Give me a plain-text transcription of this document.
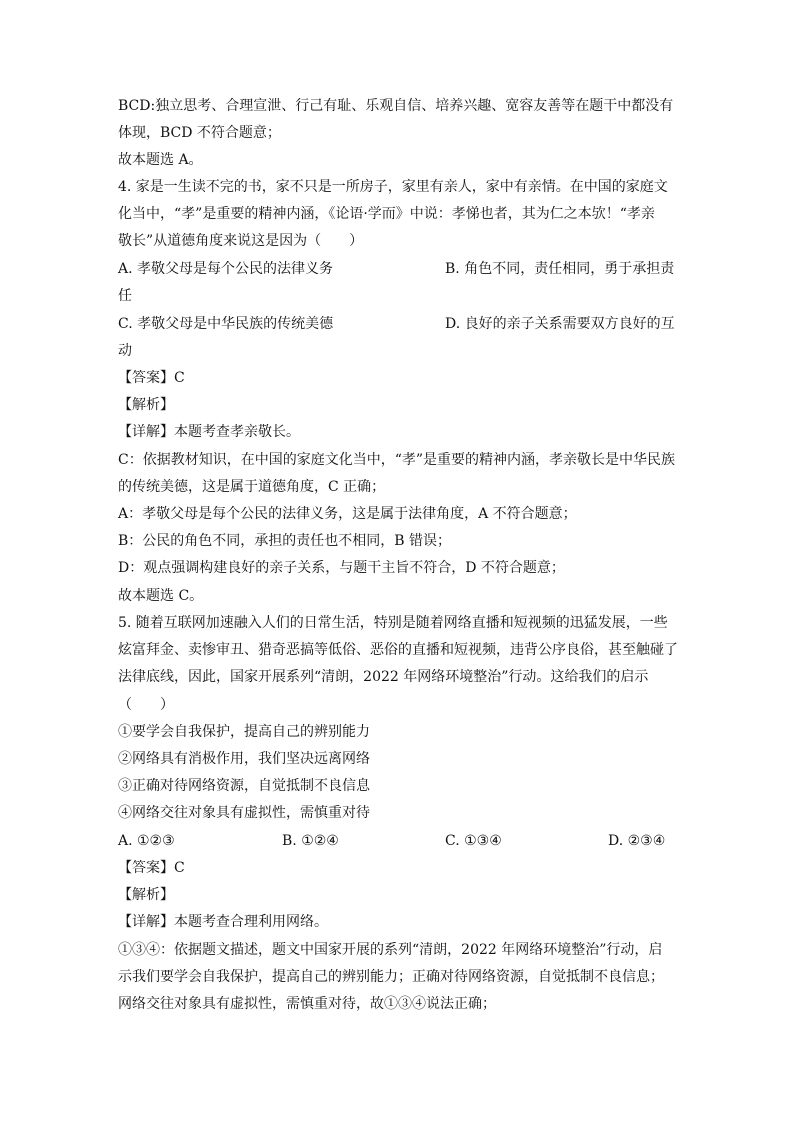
BCD:独立思考、合理宣泄、行己有耻、乐观自信、培养兴趣、宽容友善等在题干中都没有
体现，BCD 不符合题意；
故本题选 A。
4. 家是一生读不完的书，家不只是一所房子，家里有亲人，家中有亲情。在中国的家庭文
化当中，“孝”是重要的精神内涵，《论语·学而》中说：孝悌也者，其为仁之本欤！“孝亲
敬长”从道德角度来说这是因为（　　）
A. 孝敬父母是每个公民的法律义务	B. 角色不同，责任相同，勇于承担责
任
C. 孝敬父母是中华民族的传统美德	D. 良好的亲子关系需要双方良好的互
动
【答案】C
【解析】
【详解】本题考查孝亲敬长。
C：依据教材知识，在中国的家庭文化当中，“孝”是重要的精神内涵，孝亲敬长是中华民族
的传统美德，这是属于道德角度，C 正确；
A：孝敬父母是每个公民的法律义务，这是属于法律角度，A 不符合题意；
B：公民的角色不同，承担的责任也不相同，B 错误；
D：观点强调构建良好的亲子关系，与题干主旨不符合，D 不符合题意；
故本题选 C。
5. 随着互联网加速融入人们的日常生活，特别是随着网络直播和短视频的迅猛发展，一些
炫富拜金、卖惨审丑、猎奇恶搞等低俗、恶俗的直播和短视频，违背公序良俗，甚至触碰了
法律底线，因此，国家开展系列“清朗，2022 年网络环境整治”行动。这给我们的启示
（　　）
①要学会自我保护，提高自己的辨别能力
②网络具有消极作用，我们坚决远离网络
③正确对待网络资源，自觉抵制不良信息
④网络交往对象具有虚拟性，需慎重对待
A. ①②③	B. ①②④	C. ①③④	D. ②③④
【答案】C
【解析】
【详解】本题考查合理利用网络。
①③④：依据题文描述，题文中国家开展的系列“清朗，2022 年网络环境整治”行动，启
示我们要学会自我保护，提高自己的辨别能力；正确对待网络资源，自觉抵制不良信息；
网络交往对象具有虚拟性，需慎重对待，故①③④说法正确；
